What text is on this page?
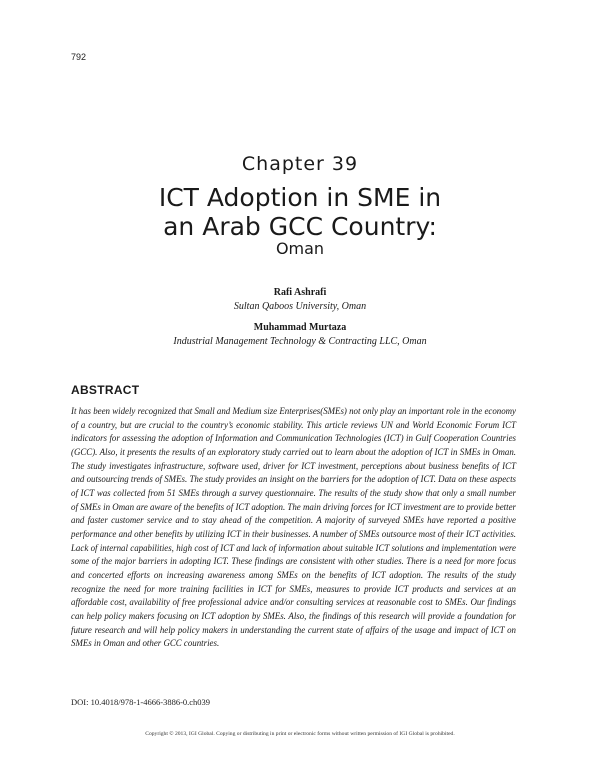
792
Chapter 39
ICT Adoption in SME in
an Arab GCC Country:
Oman
Rafi Ashrafi
Sultan Qaboos University, Oman
Muhammad Murtaza
Industrial Management Technology & Contracting LLC, Oman
ABSTRACT
It has been widely recognized that Small and Medium size Enterprises(SMEs) not only play an important role in the economy of a country, but are crucial to the country’s economic stability. This article reviews UN and World Economic Forum ICT indicators for assessing the adoption of Information and Communication Technologies (ICT) in Gulf Cooperation Countries (GCC). Also, it presents the results of an exploratory study carried out to learn about the adoption of ICT in SMEs in Oman. The study investigates infrastructure, software used, driver for ICT investment, perceptions about business benefits of ICT and outsourcing trends of SMEs. The study provides an insight on the barriers for the adoption of ICT. Data on these aspects of ICT was collected from 51 SMEs through a survey questionnaire. The results of the study show that only a small number of SMEs in Oman are aware of the benefits of ICT adoption. The main driving forces for ICT investment are to provide better and faster customer service and to stay ahead of the competition. A majority of surveyed SMEs have reported a positive performance and other benefits by utilizing ICT in their businesses. A number of SMEs outsource most of their ICT activities. Lack of internal capabilities, high cost of ICT and lack of information about suitable ICT solutions and implementation were some of the major barriers in adopting ICT. These findings are consistent with other studies. There is a need for more focus and concerted efforts on increasing awareness among SMEs on the benefits of ICT adoption. The results of the study recognize the need for more training facilities in ICT for SMEs, measures to provide ICT products and services at an affordable cost, availability of free professional advice and/or consulting services at reasonable cost to SMEs. Our findings can help policy makers focusing on ICT adoption by SMEs. Also, the findings of this research will provide a foundation for future research and will help policy makers in understanding the current state of affairs of the usage and impact of ICT on SMEs in Oman and other GCC countries.
DOI: 10.4018/978-1-4666-3886-0.ch039
Copyright © 2013, IGI Global. Copying or distributing in print or electronic forms without written permission of IGI Global is prohibited.
